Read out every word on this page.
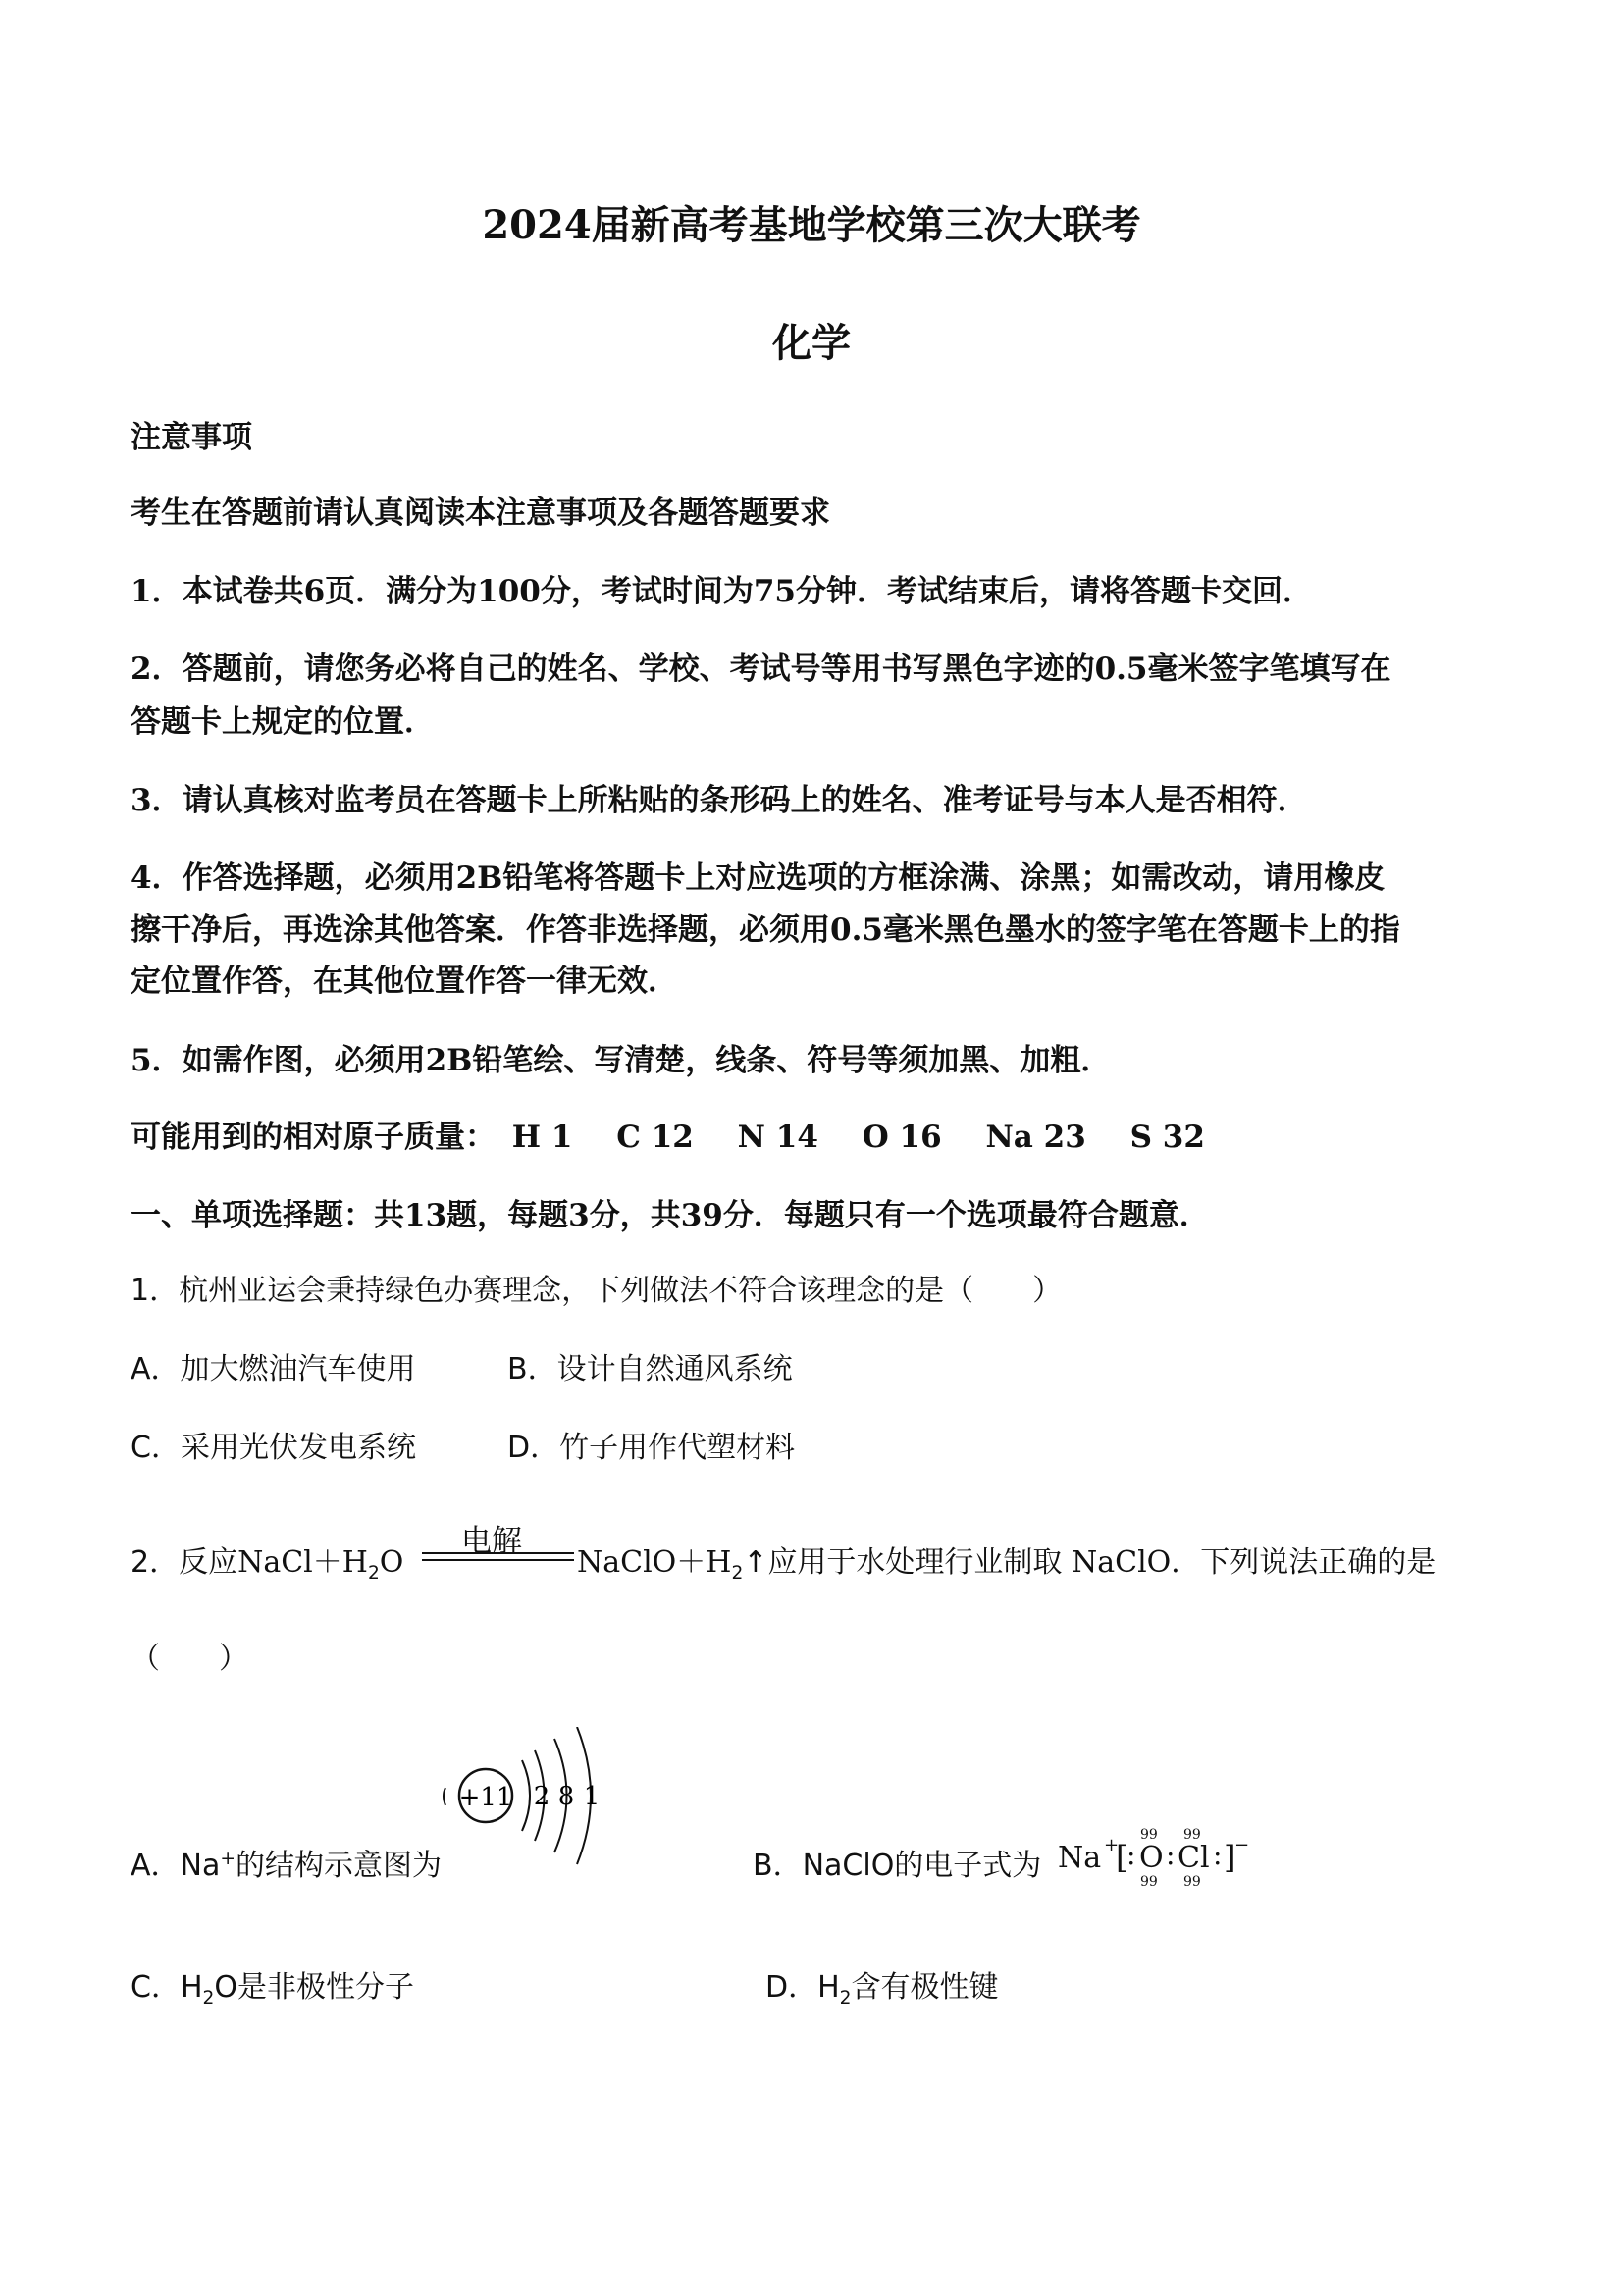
2024届新高考基地学校第三次大联考
化学
注意事项
考生在答题前请认真阅读本注意事项及各题答题要求
1．本试卷共6页．满分为100分，考试时间为75分钟．考试结束后，请将答题卡交回．
2．答题前，请您务必将自己的姓名、学校、考试号等用书写黑色字迹的0.5毫米签字笔填写在
答题卡上规定的位置．
3．请认真核对监考员在答题卡上所粘贴的条形码上的姓名、准考证号与本人是否相符．
4．作答选择题，必须用2B铅笔将答题卡上对应选项的方框涂满、涂黑；如需改动，请用橡皮
擦干净后，再选涂其他答案．作答非选择题，必须用0.5毫米黑色墨水的签字笔在答题卡上的指
定位置作答，在其他位置作答一律无效．
5．如需作图，必须用2B铅笔绘、写清楚，线条、符号等须加黑、加粗．
可能用到的相对原子质量： H 1 C 12 N 14 O 16 Na 23 S 32
一、单项选择题：共13题，每题3分，共39分．每题只有一个选项最符合题意．
1．杭州亚运会秉持绿色办赛理念，下列做法不符合该理念的是（　　）
A．加大燃油汽车使用	B．设计自然通风系统
C．采用光伏发电系统	D．竹子用作代塑材料
电解
2．反应$NaCl+H_2O$	$NaClO+H_2↑$应用于水处理行业制取 NaClO．下列说法正确的是
（　　）
A．Na+的结构示意图为
+11 2 8 1
B．NaClO的电子式为 Na +
[
:
99
O
99
:
99
Cl
99
: ]
−
C．$H_2O$是非极性分子	D．$H_2$含有极性键
